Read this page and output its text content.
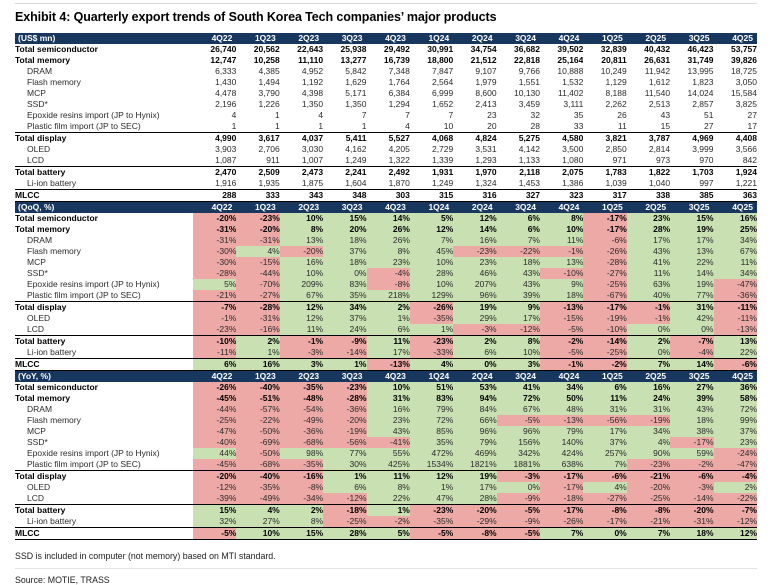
Exhibit 4: Quarterly export trends of South Korea Tech companies’ major products
(US$ mn)	4Q22	1Q23	2Q23	3Q23	4Q23	1Q24	2Q24	3Q24	4Q24	1Q25	2Q25	3Q25	4Q25
Total semiconductor	26,740	20,562	22,643	25,938	29,492	30,991	34,754	36,682	39,502	32,839	40,432	46,423	53,757
Total memory	12,747	10,258	11,110	13,277	16,739	18,800	21,512	22,818	25,164	20,811	26,631	31,749	39,826
DRAM	6,333	4,385	4,952	5,842	7,348	7,847	9,107	9,766	10,888	10,249	11,942	13,995	18,725
Flash memory	1,430	1,494	1,192	1,629	1,764	2,564	1,979	1,551	1,532	1,129	1,612	1,823	3,050
MCP	4,478	3,790	4,398	5,171	6,384	6,999	8,600	10,130	11,402	8,188	11,540	14,024	15,584
SSD*	2,196	1,226	1,350	1,350	1,294	1,652	2,413	3,459	3,111	2,262	2,513	2,857	3,825
Epoxide resins import (JP to Hynix)	4	1	4	7	7	7	23	32	35	26	43	51	27
Plastic film import (JP to SEC)	1	1	1	1	4	10	20	28	33	11	15	27	17
Total display	4,990	3,617	4,037	5,411	5,527	4,068	4,824	5,275	4,580	3,821	3,787	4,969	4,408
OLED	3,903	2,706	3,030	4,162	4,205	2,729	3,531	4,142	3,500	2,850	2,814	3,999	3,566
LCD	1,087	911	1,007	1,249	1,322	1,339	1,293	1,133	1,080	971	973	970	842
Total battery	2,470	2,509	2,473	2,241	2,492	1,931	1,970	2,118	2,075	1,783	1,822	1,703	1,924
Li-ion battery	1,916	1,935	1,875	1,604	1,870	1,249	1,324	1,453	1,386	1,039	1,040	997	1,221
MLCC	288	333	343	348	303	315	316	327	323	317	338	385	363
(QoQ, %)	4Q22	1Q23	2Q23	3Q23	4Q23	1Q24	2Q24	3Q24	4Q24	1Q25	2Q25	3Q25	4Q25
Total semiconductor	-20%	-23%	10%	15%	14%	5%	12%	6%	8%	-17%	23%	15%	16%
Total memory	-31%	-20%	8%	20%	26%	12%	14%	6%	10%	-17%	28%	19%	25%
DRAM	-31%	-31%	13%	18%	26%	7%	16%	7%	11%	-6%	17%	17%	34%
Flash memory	-30%	4%	-20%	37%	8%	45%	-23%	-22%	-1%	-26%	43%	13%	67%
MCP	-30%	-15%	16%	18%	23%	10%	23%	18%	13%	-28%	41%	22%	11%
SSD*	-28%	-44%	10%	0%	-4%	28%	46%	43%	-10%	-27%	11%	14%	34%
Epoxide resins import (JP to Hynix)	5%	-70%	209%	83%	-8%	10%	207%	43%	9%	-25%	63%	19%	-47%
Plastic film import (JP to SEC)	-21%	-27%	67%	35%	218%	129%	96%	39%	18%	-67%	40%	77%	-36%
Total display	-7%	-28%	12%	34%	2%	-26%	19%	9%	-13%	-17%	-1%	31%	-11%
OLED	-1%	-31%	12%	37%	1%	-35%	29%	17%	-15%	-19%	-1%	42%	-11%
LCD	-23%	-16%	11%	24%	6%	1%	-3%	-12%	-5%	-10%	0%	0%	-13%
Total battery	-10%	2%	-1%	-9%	11%	-23%	2%	8%	-2%	-14%	2%	-7%	13%
Li-ion battery	-11%	1%	-3%	-14%	17%	-33%	6%	10%	-5%	-25%	0%	-4%	22%
MLCC	6%	16%	3%	1%	-13%	4%	0%	3%	-1%	-2%	7%	14%	-6%
(YoY, %)	4Q22	1Q23	2Q23	3Q23	4Q23	1Q24	2Q24	3Q24	4Q24	1Q25	2Q25	3Q25	4Q25
Total semiconductor	-26%	-40%	-35%	-23%	10%	51%	53%	41%	34%	6%	16%	27%	36%
Total memory	-45%	-51%	-48%	-28%	31%	83%	94%	72%	50%	11%	24%	39%	58%
DRAM	-44%	-57%	-54%	-36%	16%	79%	84%	67%	48%	31%	31%	43%	72%
Flash memory	-25%	-22%	-49%	-20%	23%	72%	66%	-5%	-13%	-56%	-19%	18%	99%
MCP	-47%	-50%	-36%	-19%	43%	85%	96%	96%	79%	17%	34%	38%	37%
SSD*	-40%	-69%	-68%	-56%	-41%	35%	79%	156%	140%	37%	4%	-17%	23%
Epoxide resins import (JP to Hynix)	44%	-50%	98%	77%	55%	472%	469%	342%	424%	257%	90%	59%	-24%
Plastic film import (JP to SEC)	-45%	-68%	-35%	30%	425%	1534%	1821%	1881%	638%	7%	-23%	-2%	-47%
Total display	-20%	-40%	-16%	1%	11%	12%	19%	-3%	-17%	-6%	-21%	-6%	-4%
OLED	-12%	-35%	-8%	6%	8%	1%	17%	0%	-17%	4%	-20%	-3%	2%
LCD	-39%	-49%	-34%	-12%	22%	47%	28%	-9%	-18%	-27%	-25%	-14%	-22%
Total battery	15%	4%	2%	-18%	1%	-23%	-20%	-5%	-17%	-8%	-8%	-20%	-7%
Li-ion battery	32%	27%	8%	-25%	-2%	-35%	-29%	-9%	-26%	-17%	-21%	-31%	-12%
MLCC	-5%	10%	15%	28%	5%	-5%	-8%	-5%	7%	0%	7%	18%	12%
SSD is included in computer (not memory) based on MTI standard.
Source: MOTIE, TRASS
